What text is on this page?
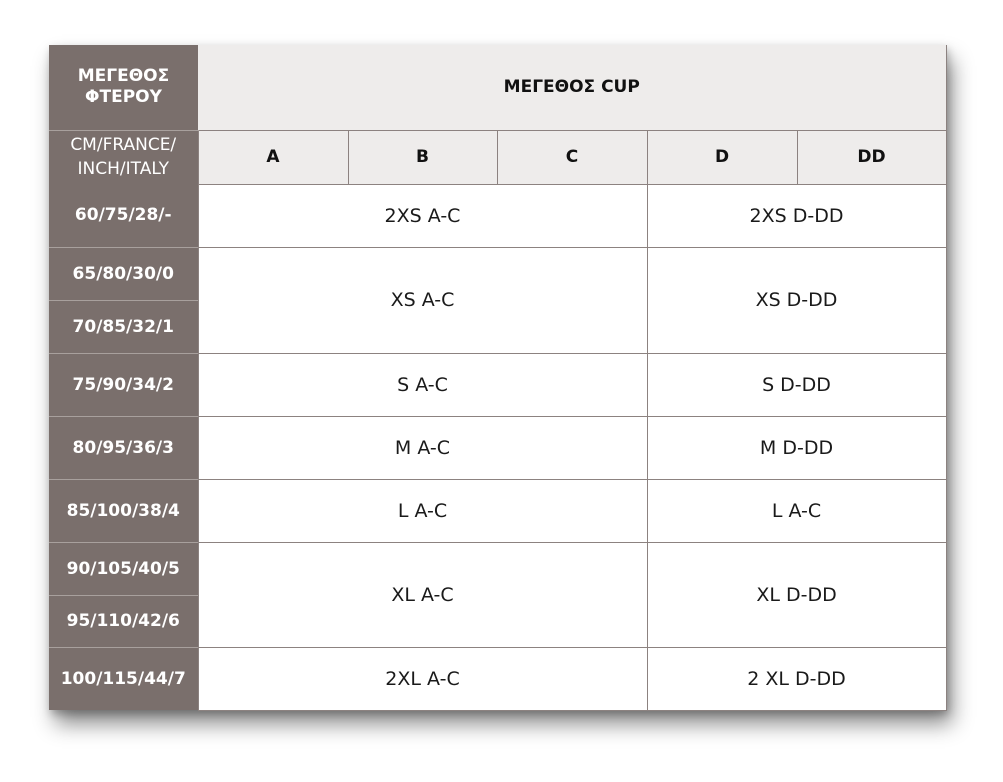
ΜΕΓΕΘΟΣ ΦΤΕΡΟΥ	ΜΕΓΕΘΟΣ CUP				
CM/FRANCE/ INCH/ITALY	A	B	C	D	DD
60/75/28/-	2XS A-C			2XS D-DD	
65/80/30/0	XS A-C			XS D-DD	
70/85/32/1					
75/90/34/2	S A-C			S D-DD	
80/95/36/3	M A-C			M D-DD	
85/100/38/4	L A-C			L A-C	
90/105/40/5	XL A-C			XL D-DD	
95/110/42/6					
100/115/44/7	2XL A-C			2 XL D-DD	
